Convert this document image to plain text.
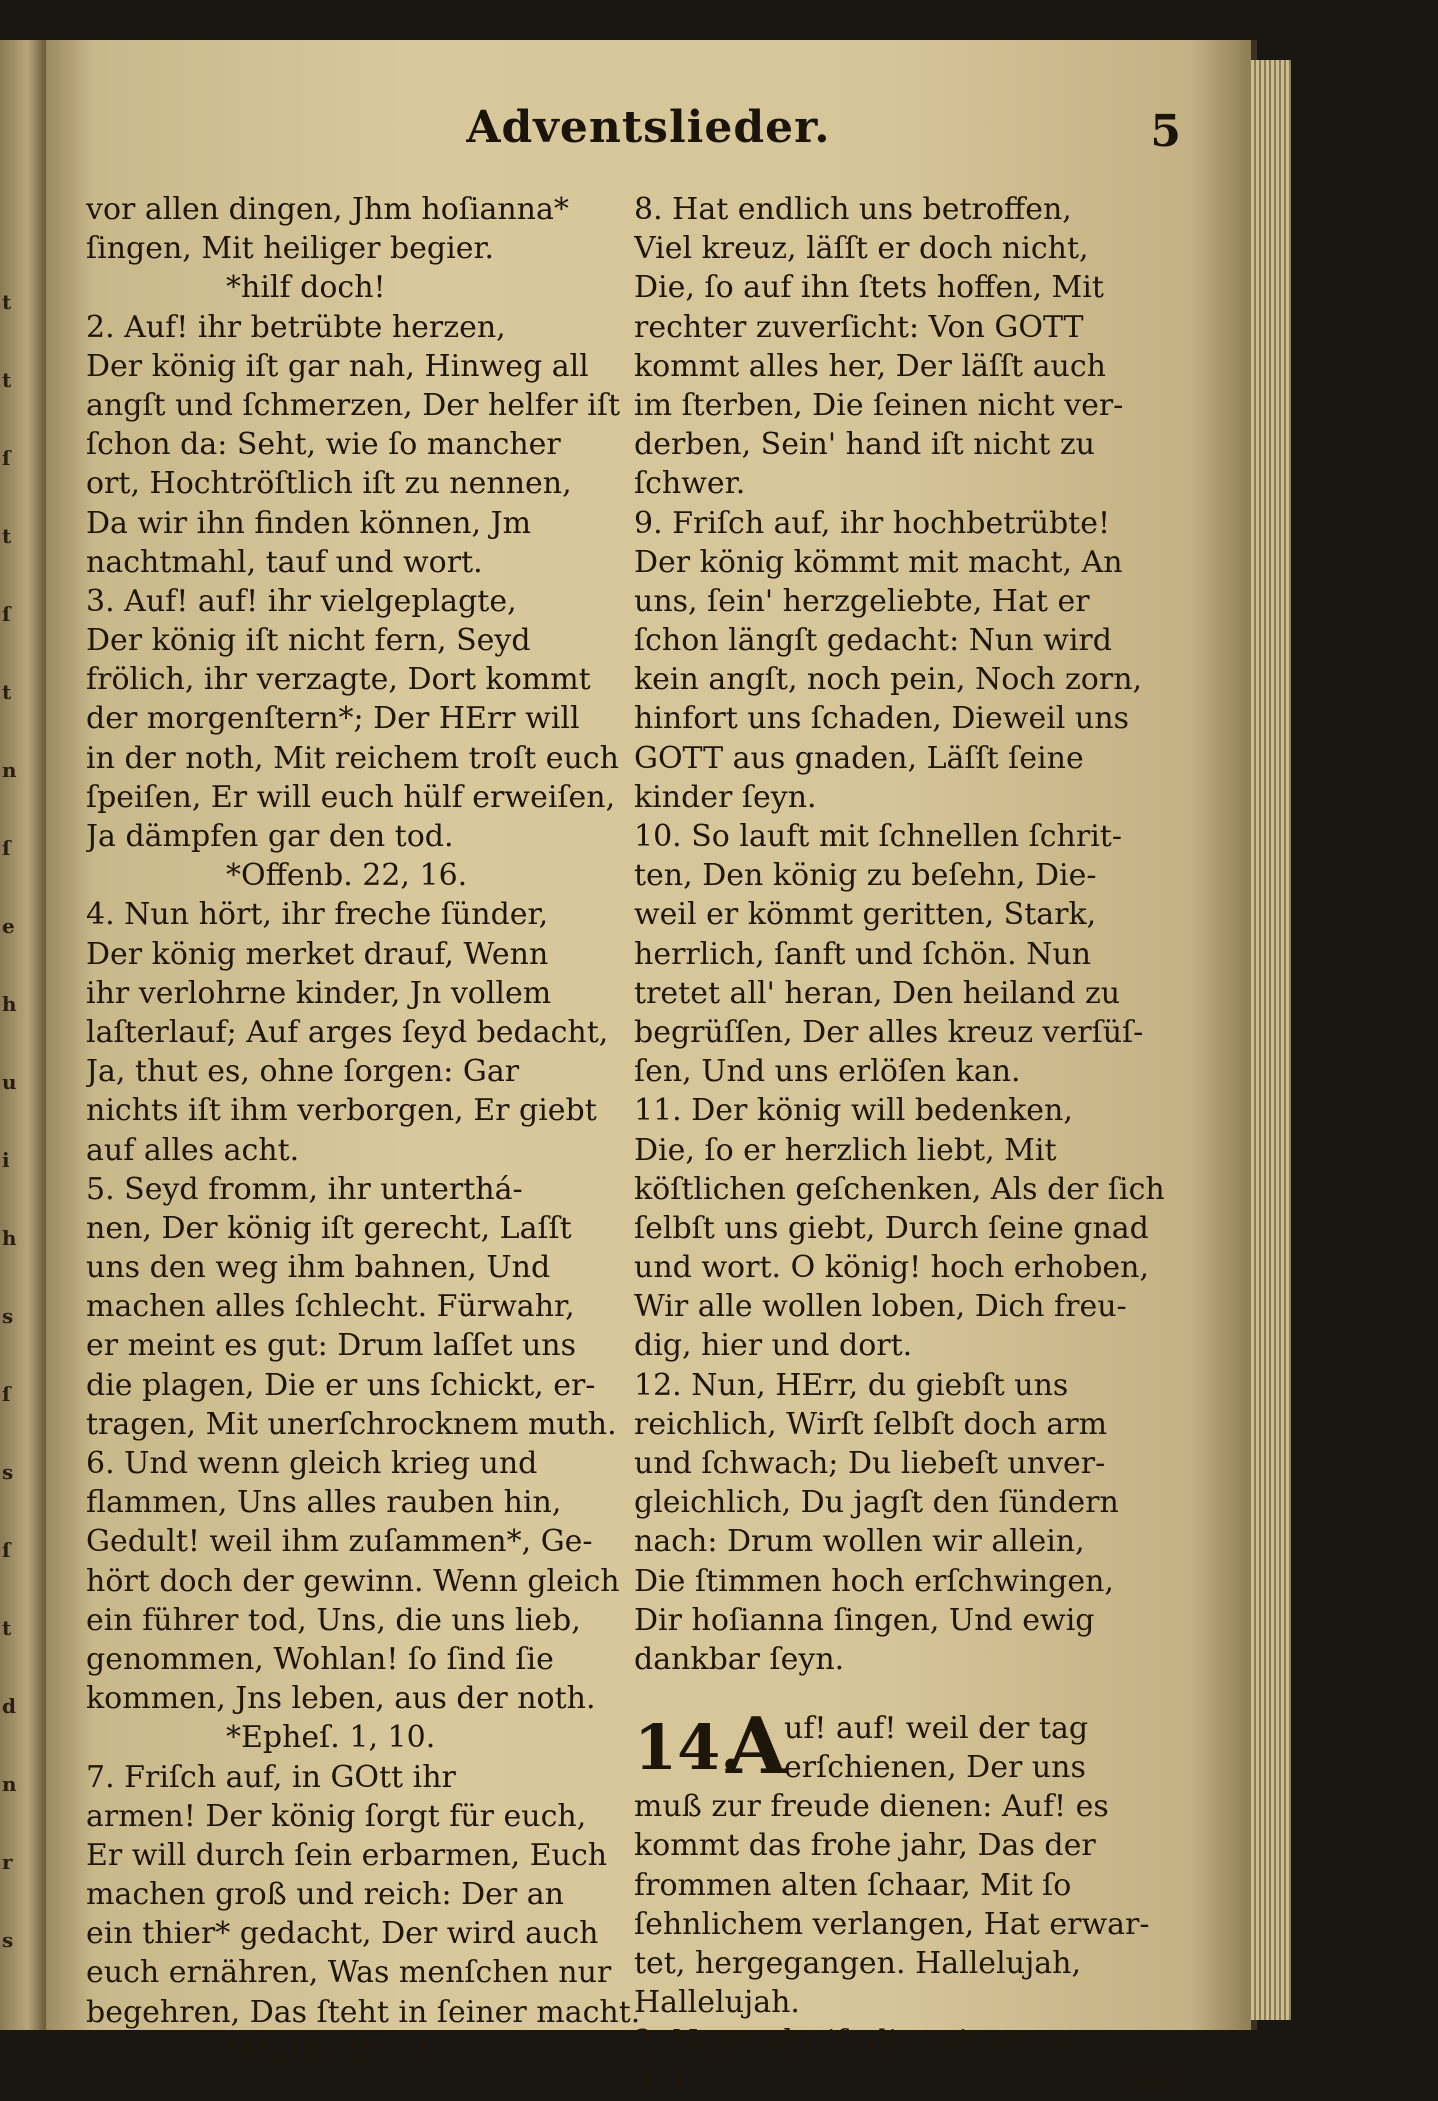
t
t
ſ
t
ſ
t
n
ſ
e
h
u
i
h
s
ſ
s
ſ
t
d
n
r
s
Adventslieder.	5
vor allen dingen, Jhm hoſianna*
ſingen, Mit heiliger begier.
*hilf doch!
2. Auf! ihr betrübte herzen,
Der könig iſt gar nah, Hinweg all
angſt und ſchmerzen, Der helfer iſt
ſchon da: Seht, wie ſo mancher
ort, Hochtröſtlich iſt zu nennen,
Da wir ihn finden können, Jm
nachtmahl, tauf und wort.
3. Auf! auf! ihr vielgeplagte,
Der könig iſt nicht fern, Seyd
frölich, ihr verzagte, Dort kommt
der morgenſtern*; Der HErr will
in der noth, Mit reichem troſt euch
ſpeiſen, Er will euch hülf erweiſen,
Ja dämpfen gar den tod.
*Offenb. 22, 16.
4. Nun hört, ihr freche ſünder,
Der könig merket drauf, Wenn
ihr verlohrne kinder, Jn vollem
laſterlauf; Auf arges ſeyd bedacht,
Ja, thut es, ohne ſorgen: Gar
nichts iſt ihm verborgen, Er giebt
auf alles acht.
5. Seyd fromm, ihr unterthá-
nen, Der könig iſt gerecht, Laſſt
uns den weg ihm bahnen, Und
machen alles ſchlecht. Fürwahr,
er meint es gut: Drum laſſet uns
die plagen, Die er uns ſchickt, er-
tragen, Mit unerſchrocknem muth.
6. Und wenn gleich krieg und
flammen, Uns alles rauben hin,
Gedult! weil ihm zuſammen*, Ge-
hört doch der gewinn. Wenn gleich
ein führer tod, Uns, die uns lieb,
genommen, Wohlan! ſo ſind ſie
kommen, Jns leben, aus der noth.
*Epheſ. 1, 10.
7. Friſch auf, in GOtt ihr
armen! Der könig ſorgt für euch,
Er will durch ſein erbarmen, Euch
machen groß und reich: Der an
ein thier* gedacht, Der wird auch
euch ernähren, Was menſchen nur
begehren, Das ſteht in ſeiner macht.
*Matth. 21, 2.
8. Hat endlich uns betroffen,
Viel kreuz, läſſt er doch nicht,
Die, ſo auf ihn ſtets hoffen, Mit
rechter zuverſicht: Von GOTT
kommt alles her, Der läſſt auch
im ſterben, Die ſeinen nicht ver-
derben, Sein' hand iſt nicht zu
ſchwer.
9. Friſch auf, ihr hochbetrübte!
Der könig kömmt mit macht, An
uns, ſein' herzgeliebte, Hat er
ſchon längſt gedacht: Nun wird
kein angſt, noch pein, Noch zorn,
hinfort uns ſchaden, Dieweil uns
GOTT aus gnaden, Läſſt ſeine
kinder ſeyn.
10. So lauft mit ſchnellen ſchrit-
ten, Den könig zu beſehn, Die-
weil er kömmt geritten, Stark,
herrlich, ſanft und ſchön. Nun
tretet all' heran, Den heiland zu
begrüſſen, Der alles kreuz verſüſ-
ſen, Und uns erlöſen kan.
11. Der könig will bedenken,
Die, ſo er herzlich liebt, Mit
köſtlichen geſchenken, Als der ſich
ſelbſt uns giebt, Durch ſeine gnad
und wort. O könig! hoch erhoben,
Wir alle wollen loben, Dich freu-
dig, hier und dort.
12. Nun, HErr, du giebſt uns
reichlich, Wirſt ſelbſt doch arm
und ſchwach; Du liebeſt unver-
gleichlich, Du jagſt den ſündern
nach: Drum wollen wir allein,
Die ſtimmen hoch erſchwingen,
Dir hoſianna ſingen, Und ewig
dankbar ſeyn.
14.
A
uf! auf! weil der tag
erſchienen, Der uns
muß zur freude dienen: Auf! es
kommt das frohe jahr, Das der
frommen alten ſchaar, Mit ſo
ſehnlichem verlangen, Hat erwar-
tet, hergegangen. Hallelujah,
Hallelujah.
2. Nunmehr iſt die zeit erwa-
A 3	chet,
